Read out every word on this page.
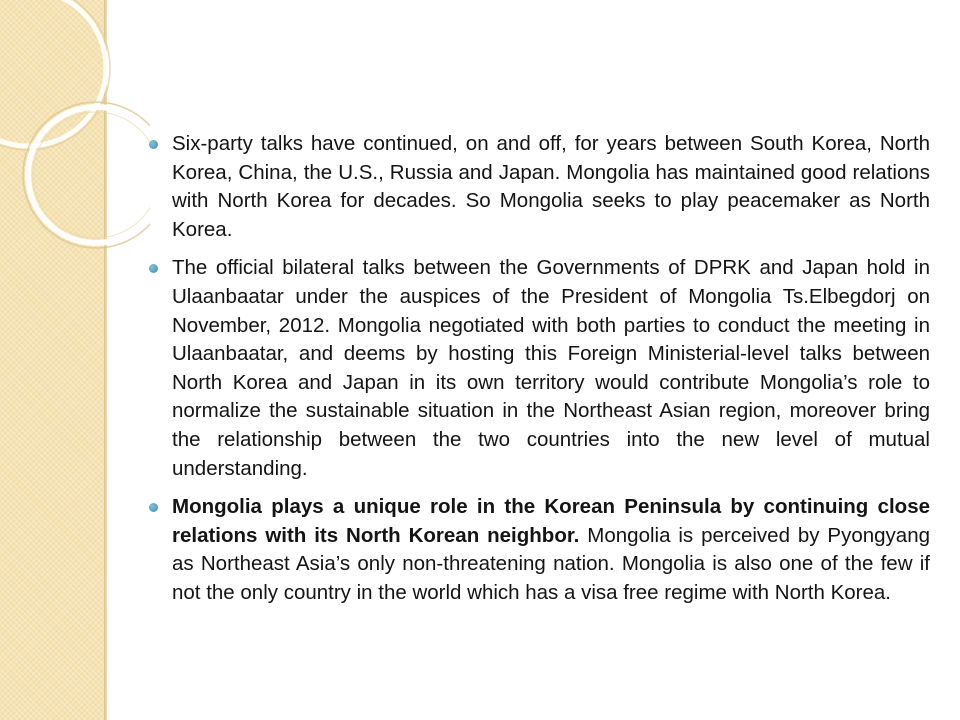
Six-party talks have continued, on and off, for years between South Korea, North Korea, China, the U.S., Russia and Japan. Mongolia has maintained good relations with North Korea for decades. So Mongolia seeks to play peacemaker as North Korea.

The official bilateral talks between the Governments of DPRK and Japan hold in Ulaanbaatar under the auspices of the President of Mongolia Ts.Elbegdorj on November, 2012. Mongolia negotiated with both parties to conduct the meeting in Ulaanbaatar, and deems by hosting this Foreign Ministerial-level talks between North Korea and Japan in its own territory would contribute Mongolia’s role to normalize the sustainable situation in the Northeast Asian region, moreover bring the relationship between the two countries into the new level of mutual understanding.

Mongolia plays a unique role in the Korean Peninsula by continuing close relations with its North Korean neighbor. Mongolia is perceived by Pyongyang as Northeast Asia’s only non-threatening nation. Mongolia is also one of the few if not the only country in the world which has a visa free regime with North Korea.
